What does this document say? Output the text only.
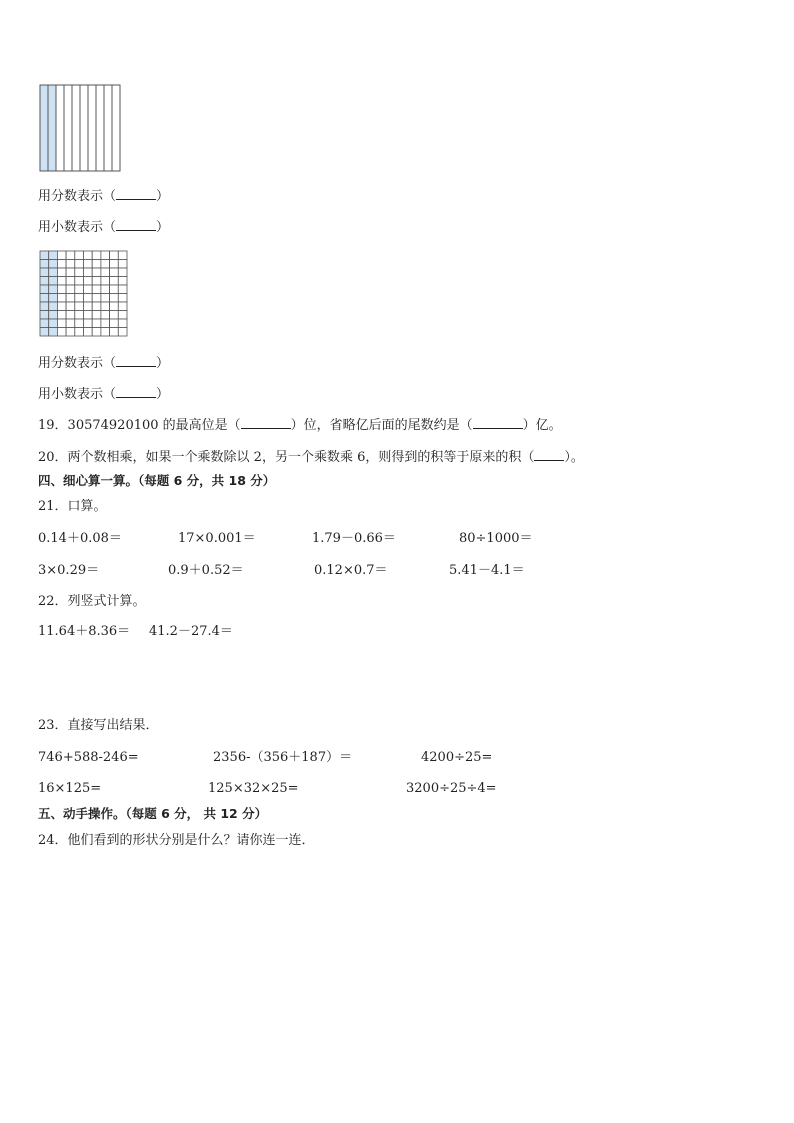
用分数表示（	）
用小数表示（	）
用分数表示（	）
用小数表示（	）
19．30574920100 的最高位是（	）位，省略亿后面的尾数约是（	）亿。
20．两个数相乘，如果一个乘数除以 2，另一个乘数乘 6，则得到的积等于原来的积（ ）。
四、细心算一算。（每题 6 分，共 18 分）
21．口算。
0.14＋0.08＝	17×0.001＝	1.79－0.66＝	80÷1000＝
3×0.29＝	0.9＋0.52＝	0.12×0.7＝	5.41－4.1＝
22．列竖式计算。
11.64＋8.36＝ 41.2－27.4＝
23．直接写出结果．
746+588-246=	2356-（356＋187）＝	4200÷25=
16×125=	125×32×25=	3200÷25÷4=
五、动手操作。（每题 6 分， 共 12 分）
24．他们看到的形状分别是什么？请你连一连．
